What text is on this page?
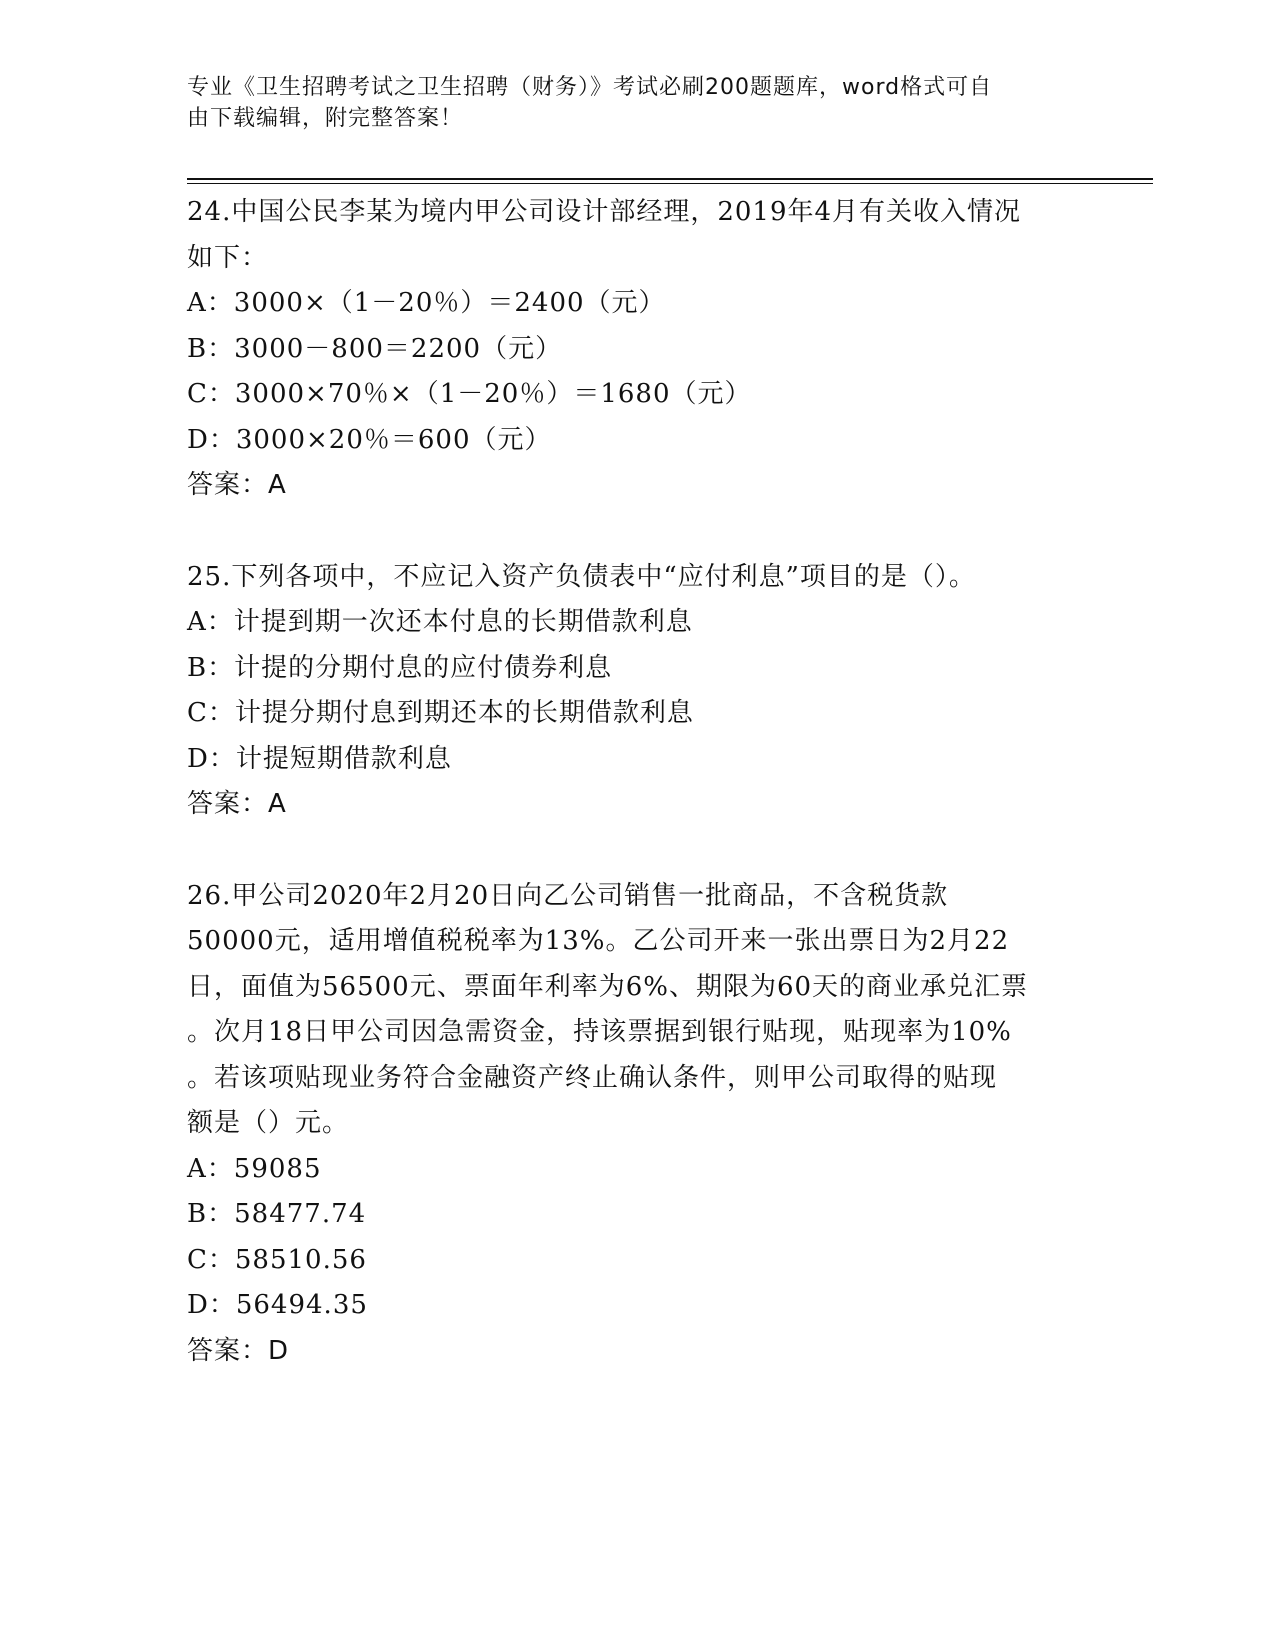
专业《卫生招聘考试之卫生招聘（财务）》考试必刷200题题库，word格式可自
由下载编辑，附完整答案！
24.中国公民李某为境内甲公司设计部经理，2019年4月有关收入情况
如下：
A：3000×（1－20％）＝2400（元）
B：3000－800＝2200（元）
C：3000×70％×（1－20％）＝1680（元）
D：3000×20％＝600（元）
答案：A
25.下列各项中，不应记入资产负债表中“应付利息”项目的是（）。
A：计提到期一次还本付息的长期借款利息
B：计提的分期付息的应付债券利息
C：计提分期付息到期还本的长期借款利息
D：计提短期借款利息
答案：A
26.甲公司2020年2月20日向乙公司销售一批商品，不含税货款
50000元，适用增值税税率为13%。乙公司开来一张出票日为2月22
日，面值为56500元、票面年利率为6%、期限为60天的商业承兑汇票
。次月18日甲公司因急需资金，持该票据到银行贴现，贴现率为10%
。若该项贴现业务符合金融资产终止确认条件，则甲公司取得的贴现
额是（）元。
A：59085
B：58477.74
C：58510.56
D：56494.35
答案：D
